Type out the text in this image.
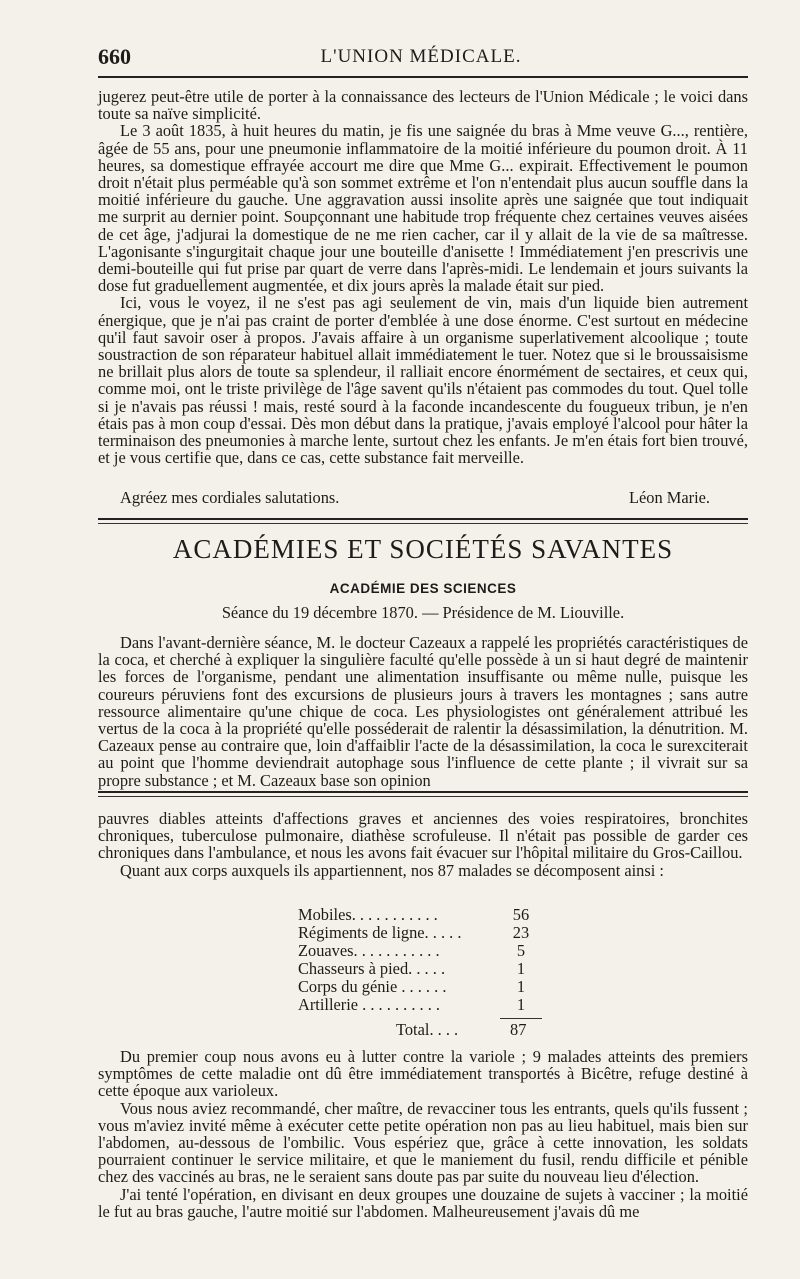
660	L'UNION MÉDICALE.

jugerez peut-être utile de porter à la connaissance des lecteurs de l'Union Médicale ; le voici dans toute sa naïve simplicité.

Le 3 août 1835, à huit heures du matin, je fis une saignée du bras à Mme veuve G..., rentière, âgée de 55 ans, pour une pneumonie inflammatoire de la moitié inférieure du poumon droit. À 11 heures, sa domestique effrayée accourt me dire que Mme G... expirait. Effectivement le poumon droit n'était plus perméable qu'à son sommet extrême et l'on n'entendait plus aucun souffle dans la moitié inférieure du gauche. Une aggravation aussi insolite après une saignée que tout indiquait me surprit au dernier point. Soupçonnant une habitude trop fréquente chez certaines veuves aisées de cet âge, j'adjurai la domestique de ne me rien cacher, car il y allait de la vie de sa maîtresse. L'agonisante s'ingurgitait chaque jour une bouteille d'anisette ! Immédiatement j'en prescrivis une demi-bouteille qui fut prise par quart de verre dans l'après-midi. Le lendemain et jours suivants la dose fut graduellement augmentée, et dix jours après la malade était sur pied.

Ici, vous le voyez, il ne s'est pas agi seulement de vin, mais d'un liquide bien autrement énergique, que je n'ai pas craint de porter d'emblée à une dose énorme. C'est surtout en médecine qu'il faut savoir oser à propos. J'avais affaire à un organisme superlativement alcoolique ; toute soustraction de son réparateur habituel allait immédiatement le tuer. Notez que si le broussaisisme ne brillait plus alors de toute sa splendeur, il ralliait encore énormément de sectaires, et ceux qui, comme moi, ont le triste privilège de l'âge savent qu'ils n'étaient pas commodes du tout. Quel tolle si je n'avais pas réussi ! mais, resté sourd à la faconde incandescente du fougueux tribun, je n'en étais pas à mon coup d'essai. Dès mon début dans la pratique, j'avais employé l'alcool pour hâter la terminaison des pneumonies à marche lente, surtout chez les enfants. Je m'en étais fort bien trouvé, et je vous certifie que, dans ce cas, cette substance fait merveille.

Agréez mes cordiales salutations.	Léon Marie.
ACADÉMIES ET SOCIÉTÉS SAVANTES
ACADÉMIE DES SCIENCES
Séance du 19 décembre 1870. — Présidence de M. Liouville.

Dans l'avant-dernière séance, M. le docteur Cazeaux a rappelé les propriétés caractéristiques de la coca, et cherché à expliquer la singulière faculté qu'elle possède à un si haut degré de maintenir les forces de l'organisme, pendant une alimentation insuffisante ou même nulle, puisque les coureurs péruviens font des excursions de plusieurs jours à travers les montagnes ; sans autre ressource alimentaire qu'une chique de coca. Les physiologistes ont généralement attribué les vertus de la coca à la propriété qu'elle posséderait de ralentir la désassimilation, la dénutrition. M. Cazeaux pense au contraire que, loin d'affaiblir l'acte de la désassimilation, la coca le surexciterait au point que l'homme deviendrait autophage sous l'influence de cette plante ; il vivrait sur sa propre substance ; et M. Cazeaux base son opinion

pauvres diables atteints d'affections graves et anciennes des voies respiratoires, bronchites chroniques, tuberculose pulmonaire, diathèse scrofuleuse. Il n'était pas possible de garder ces chroniques dans l'ambulance, et nous les avons fait évacuer sur l'hôpital militaire du Gros-Caillou.

Quant aux corps auxquels ils appartiennent, nos 87 malades se décomposent ainsi :

Mobiles. . . . . . . . . . .	56
Régiments de ligne. . . . .	23
Zouaves. . . . . . . . . . .	5
Chasseurs à pied. . . . .	1
Corps du génie . . . . . .	1
Artillerie . . . . . . . . . .	1
Total. . . .	87

Du premier coup nous avons eu à lutter contre la variole ; 9 malades atteints des premiers symptômes de cette maladie ont dû être immédiatement transportés à Bicêtre, refuge destiné à cette époque aux varioleux.

Vous nous aviez recommandé, cher maître, de revacciner tous les entrants, quels qu'ils fussent ; vous m'aviez invité même à exécuter cette petite opération non pas au lieu habituel, mais bien sur l'abdomen, au-dessous de l'ombilic. Vous espériez que, grâce à cette innovation, les soldats pourraient continuer le service militaire, et que le maniement du fusil, rendu difficile et pénible chez des vaccinés au bras, ne le seraient sans doute pas par suite du nouveau lieu d'élection.

J'ai tenté l'opération, en divisant en deux groupes une douzaine de sujets à vacciner ; la moitié le fut au bras gauche, l'autre moitié sur l'abdomen. Malheureusement j'avais dû me
